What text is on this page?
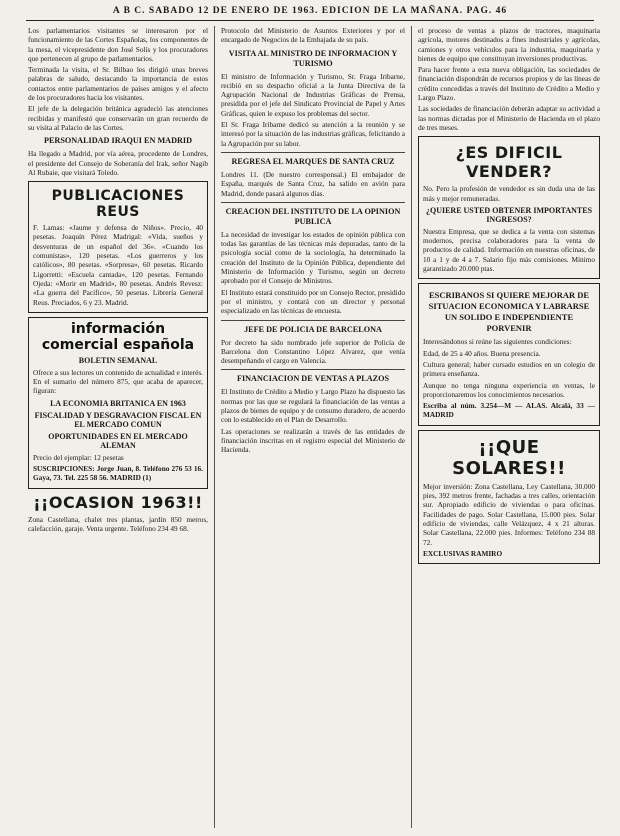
A B C. SABADO 12 DE ENERO DE 1963. EDICION DE LA MAÑANA. PAG. 46

Los parlamentarios visitantes se interesaron por el funcionamiento de las Cortes Españolas, los componentes de la mesa, el vicepresidente don José Solís y los procuradores que pertenecen al grupo de parlamentarios.

Terminada la visita, el Sr. Bilbao les dirigió unas breves palabras de saludo, destacando la importancia de estos contactos entre parlamentarios de países amigos y el afecto de los procuradores hacia los visitantes.

El jefe de la delegación británica agradeció las atenciones recibidas y manifestó que conservarán un gran recuerdo de su visita al Palacio de las Cortes.

PERSONALIDAD IRAQUI EN MADRID

Ha llegado a Madrid, por vía aérea, procedente de Londres, el presidente del Consejo de Soberanía del Irak, señor Nagib Al Rubaie, que visitará Toledo.

PUBLICACIONES REUS

F. Lamas: «Jaume y defensa de Niños». Precio, 40 pesetas. Joaquín Pérez Madrigal: «Vida, sueños y desventuras de un español del 36». «Cuando los comunistas», 120 pesetas. «Los guerreros y los católicos», 80 pesetas. «Sorpresa», 60 pesetas. Ricardo Ligorretti: «Escuela cantada», 120 pesetas. Fernando Ojeda: «Morir en Madrid», 80 pesetas. Andrés Revesz: «La guerra del Pacífico», 50 pesetas. Librería General Reus. Preciados, 6 y 23. Madrid.

información comercial española
BOLETIN SEMANAL

Ofrece a sus lectores un contenido de actualidad e interés. En el sumario del número 875, que acaba de aparecer, figuran:

LA ECONOMIA BRITANICA EN 1963
FISCALIDAD Y DESGRAVACION FISCAL EN EL MERCADO COMUN
OPORTUNIDADES EN EL MERCADO ALEMAN

Precio del ejemplar: 12 pesetas

SUSCRIPCIONES: Jorge Juan, 8. Teléfono 276 53 16. Gaya, 73. Tel. 225 58 56. MADRID (1)

¡¡OCASION 1963!!

Zona Castellana, chalet tres plantas, jardín 850 metros, calefacción, garaje. Venta urgente. Teléfono 234 49 68.

Protocolo del Ministerio de Asuntos Exteriores y por el encargado de Negocios de la Embajada de su país.

VISITA AL MINISTRO DE INFORMACION Y TURISMO

El ministro de Información y Turismo, Sr. Fraga Iribarne, recibió en su despacho oficial a la Junta Directiva de la Agrupación Nacional de Industrias Gráficas de Prensa, presidida por el jefe del Sindicato Provincial de Papel y Artes Gráficas, quien le expuso los problemas del sector.

El Sr. Fraga Iribarne dedicó su atención a la reunión y se interesó por la situación de las industrias gráficas, felicitando a la Agrupación por su labor.

REGRESA EL MARQUES DE SANTA CRUZ

Londres 11. (De nuestro corresponsal.) El embajador de España, marqués de Santa Cruz, ha salido en avión para Madrid, donde pasará algunos días.

CREACION DEL INSTITUTO DE LA OPINION PUBLICA

La necesidad de investigar los estados de opinión pública con todas las garantías de las técnicas más depuradas, tanto de la psicología social como de la sociología, ha determinado la creación del Instituto de la Opinión Pública, dependiente del Ministerio de Información y Turismo, según un decreto aprobado por el Consejo de Ministros.

El Instituto estará constituido por un Consejo Rector, presidido por el ministro, y contará con un director y personal especializado en las técnicas de encuesta.

JEFE DE POLICIA DE BARCELONA

Por decreto ha sido nombrado jefe superior de Policía de Barcelona don Constantino López Alvarez, que venía desempeñando el cargo en Valencia.

FINANCIACION DE VENTAS A PLAZOS

El Instituto de Crédito a Medio y Largo Plazo ha dispuesto las normas por las que se regulará la financiación de las ventas a plazos de bienes de equipo y de consumo duradero, de acuerdo con lo establecido en el Plan de Desarrollo.

Las operaciones se realizarán a través de las entidades de financiación inscritas en el registro especial del Ministerio de Hacienda.

el proceso de ventas a plazos de tractores, maquinaria agrícola, motores destinados a fines industriales y agrícolas, camiones y otros vehículos para la industria, maquinaria y bienes de equipo que constituyan inversiones productivas.

Para hacer frente a esta nueva obligación, las sociedades de financiación dispondrán de recursos propios y de las líneas de crédito concedidas a través del Instituto de Crédito a Medio y Largo Plazo.

Las sociedades de financiación deberán adaptar su actividad a las normas dictadas por el Ministerio de Hacienda en el plazo de tres meses.

¿ES DIFICIL VENDER?

No. Pero la profesión de vendedor es sin duda una de las más y mejor remuneradas.

¿QUIERE USTED OBTENER IMPORTANTES INGRESOS?

Nuestra Empresa, que se dedica a la venta con sistemas modernos, precisa colaboradores para la venta de productos de calidad. Información en nuestras oficinas, de 10 a 1 y de 4 a 7. Salario fijo más comisiones. Mínimo garantizado 20.000 ptas.

ESCRIBANOS SI QUIERE MEJORAR DE SITUACION ECONOMICA Y LABRARSE UN SOLIDO E INDEPENDIENTE PORVENIR

Interesándonos si reúne las siguientes condiciones:

Edad, de 25 a 40 años. Buena presencia.

Cultura general; haber cursado estudios en un colegio de primera enseñanza.

Aunque no tenga ninguna experiencia en ventas, le proporcionaremos los conocimientos necesarios.

Escriba al núm. 3.254—M — ALAS. Alcalá, 33 — MADRID

¡¡QUE SOLARES!!

Mejor inversión: Zona Castellana, Ley Castellana, 30.000 pies, 392 metros frente, fachadas a tres calles, orientación sur. Apropiado edificio de viviendas o para oficinas. Facilidades de pago. Solar Castellana, 15.000 pies. Solar edificio de viviendas, calle Velázquez, 4 x 21 alturas. Solar Castellana, 22.000 pies. Informes: Teléfono 234 88 72.

EXCLUSIVAS RAMIRO
